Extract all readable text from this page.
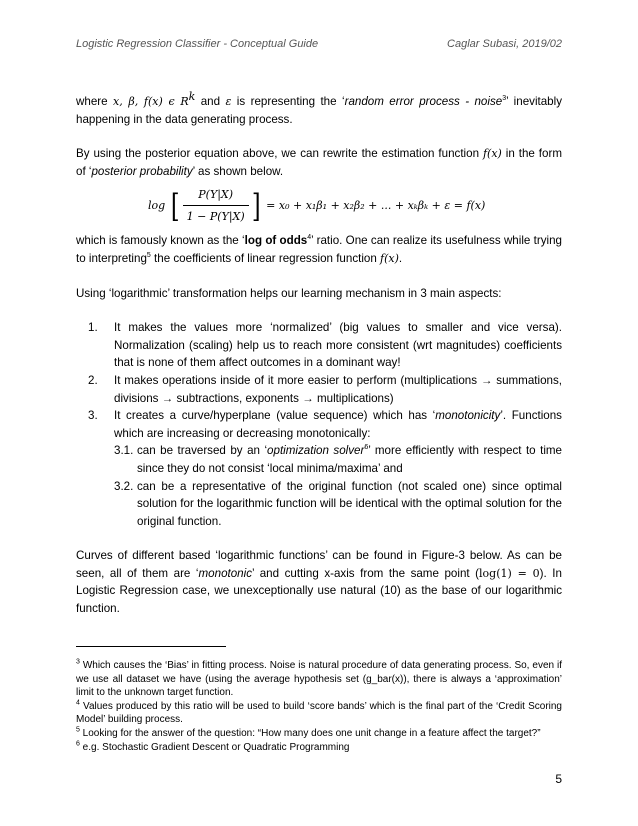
Logistic Regression Classifier - Conceptual Guide	Caglar Subasi, 2019/02

where x, β, f(x) ϵ $R^k$ and ε is representing the ‘random error process - noise$^3$’ inevitably happening in the data generating process.

By using the posterior equation above, we can rewrite the estimation function f(x) in the form of ‘posterior probability’ as shown below.

log [ $\frac{P(Y|X)}{1 - P(Y|X)}$ ] = x₀ + x₁β₁ + x₂β₂ + ... + xₖβₖ + ε = f(x)

which is famously known as the ‘log of odds$^4$’ ratio. One can realize its usefulness while trying to interpreting$^5$ the coefficients of linear regression function f(x).

Using ‘logarithmic’ transformation helps our learning mechanism in 3 main aspects:

1. It makes the values more ‘normalized’ (big values to smaller and vice versa). Normalization (scaling) help us to reach more consistent (wrt magnitudes) coefficients that is none of them affect outcomes in a dominant way!
2. It makes operations inside of it more easier to perform (multiplications → summations, divisions → subtractions, exponents → multiplications)
3. It creates a curve/hyperplane (value sequence) which has ‘monotonicity’. Functions which are increasing or decreasing monotonically:
3.1. can be traversed by an ‘optimization solver$^6$’ more efficiently with respect to time since they do not consist ‘local minima/maxima’ and
3.2. can be a representative of the original function (not scaled one) since optimal solution for the logarithmic function will be identical with the optimal solution for the original function.

Curves of different based ‘logarithmic functions’ can be found in Figure-3 below. As can be seen, all of them are ‘monotonic’ and cutting x-axis from the same point (log(1) = 0). In Logistic Regression case, we unexceptionally use natural (10) as the base of our logarithmic function.

$^3$ Which causes the ‘Bias’ in fitting process. Noise is natural procedure of data generating process. So, even if we use all dataset we have (using the average hypothesis set (g_bar(x)), there is always a ‘approximation’ limit to the unknown target function.

$^4$ Values produced by this ratio will be used to build ‘score bands’ which is the final part of the ‘Credit Scoring Model’ building process.

$^5$ Looking for the answer of the question: “How many does one unit change in a feature affect the target?”

$^6$ e.g. Stochastic Gradient Descent or Quadratic Programming

5
